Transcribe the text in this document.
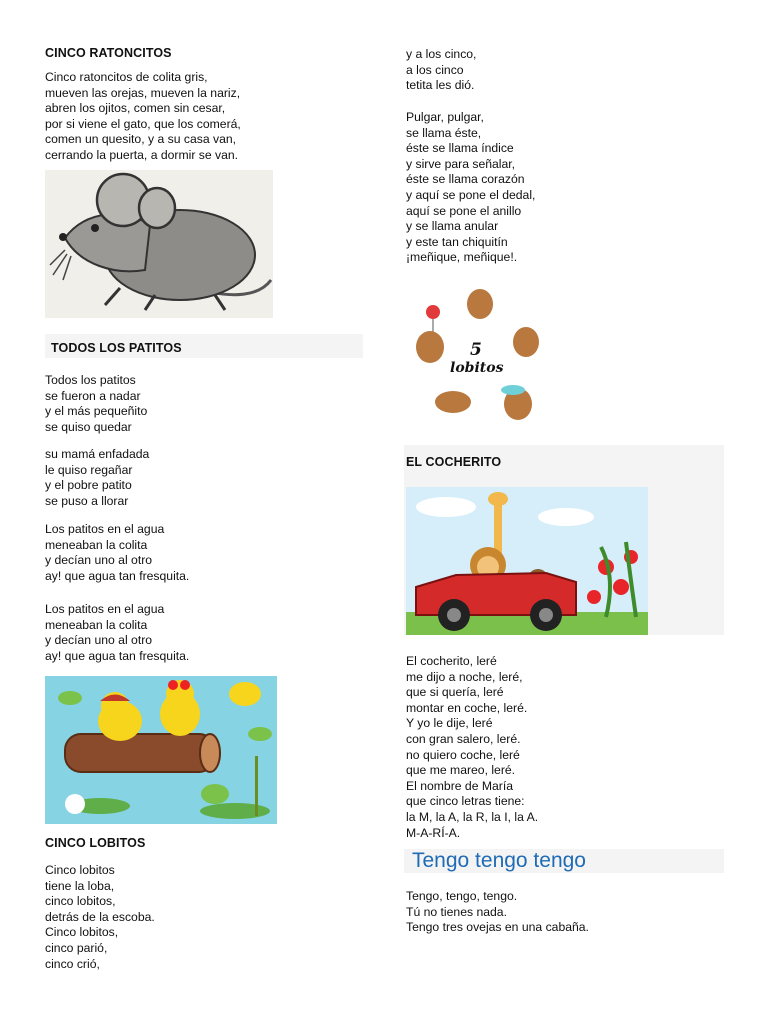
CINCO RATONCITOS
Cinco ratoncitos de colita gris,
mueven las orejas, mueven la nariz,
abren los ojitos, comen sin cesar,
por si viene el gato, que los comerá,
comen un quesito, y a su casa van,
cerrando la puerta, a dormir se van.
TODOS LOS PATITOS
Todos los patitos
se fueron a nadar
y el más pequeñito
se quiso quedar
su mamá enfadada
le quiso regañar
y el pobre patito
se puso a llorar
Los patitos en el agua
meneaban la colita
y decían uno al otro
ay! que agua tan fresquita.
Los patitos en el agua
meneaban la colita
y decían uno al otro
ay! que agua tan fresquita.
CINCO LOBITOS
Cinco lobitos
tiene la loba,
cinco lobitos,
detrás de la escoba.
Cinco lobitos,
cinco parió,
cinco crió,
y a los cinco,
a los cinco
tetita les dió.
Pulgar, pulgar,
se llama éste,
éste se llama índice
y sirve para señalar,
éste se llama corazón
y aquí se pone el dedal,
aquí se pone el anillo
y se llama anular
y este tan chiquitín
¡meñique, meñique!.
5
lobitos
EL COCHERITO
El cocherito, leré
me dijo a noche, leré,
que si quería, leré
montar en coche, leré.
Y yo le dije, leré
con gran salero, leré.
no quiero coche, leré
que me mareo, leré.
El nombre de María
que cinco letras tiene:
la M, la A, la R, la I, la A.
M-A-RÍ-A.
Tengo tengo tengo
Tengo, tengo, tengo.
Tú no tienes nada.
Tengo tres ovejas en una cabaña.
